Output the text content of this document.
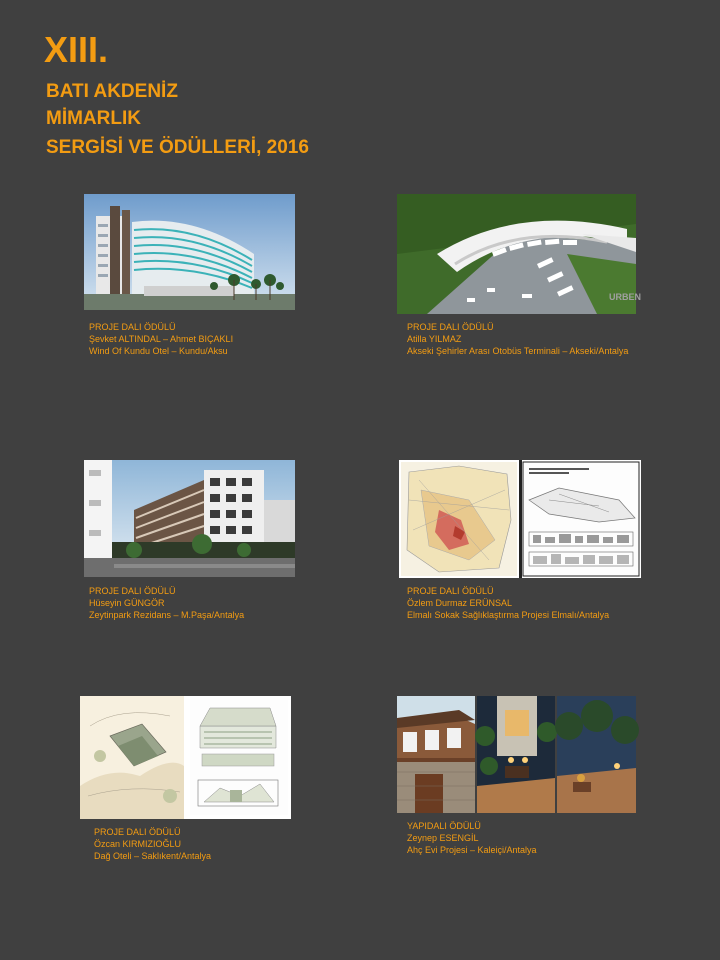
XIII.
BATI AKDENİZ
MİMARLIK
SERGİSİ VE ÖDÜLLERİ, 2016
PROJE DALI ÖDÜLÜ
Şevket ALTINDAL – Ahmet BIÇAKLI
Wind Of Kundu Otel – Kundu/Aksu
URBEN
PROJE DALI ÖDÜLÜ
Atilla YILMAZ
Akseki Şehirler Arası Otobüs Terminali – Akseki/Antalya
PROJE DALI ÖDÜLÜ
Hüseyin GÜNGÖR
Zeytinpark Rezidans – M.Paşa/Antalya
PROJE DALI ÖDÜLÜ
Özlem Durmaz ERÜNSAL
Elmalı Sokak Sağlıklaştırma Projesi Elmalı/Antalya
PROJE DALI ÖDÜLÜ
Özcan KIRMIZIOĞLU
Dağ Oteli – Saklıkent/Antalya
YAPIDALI ÖDÜLÜ
Zeynep ESENGİL
Ahç Evi Projesi – Kaleiçi/Antalya
